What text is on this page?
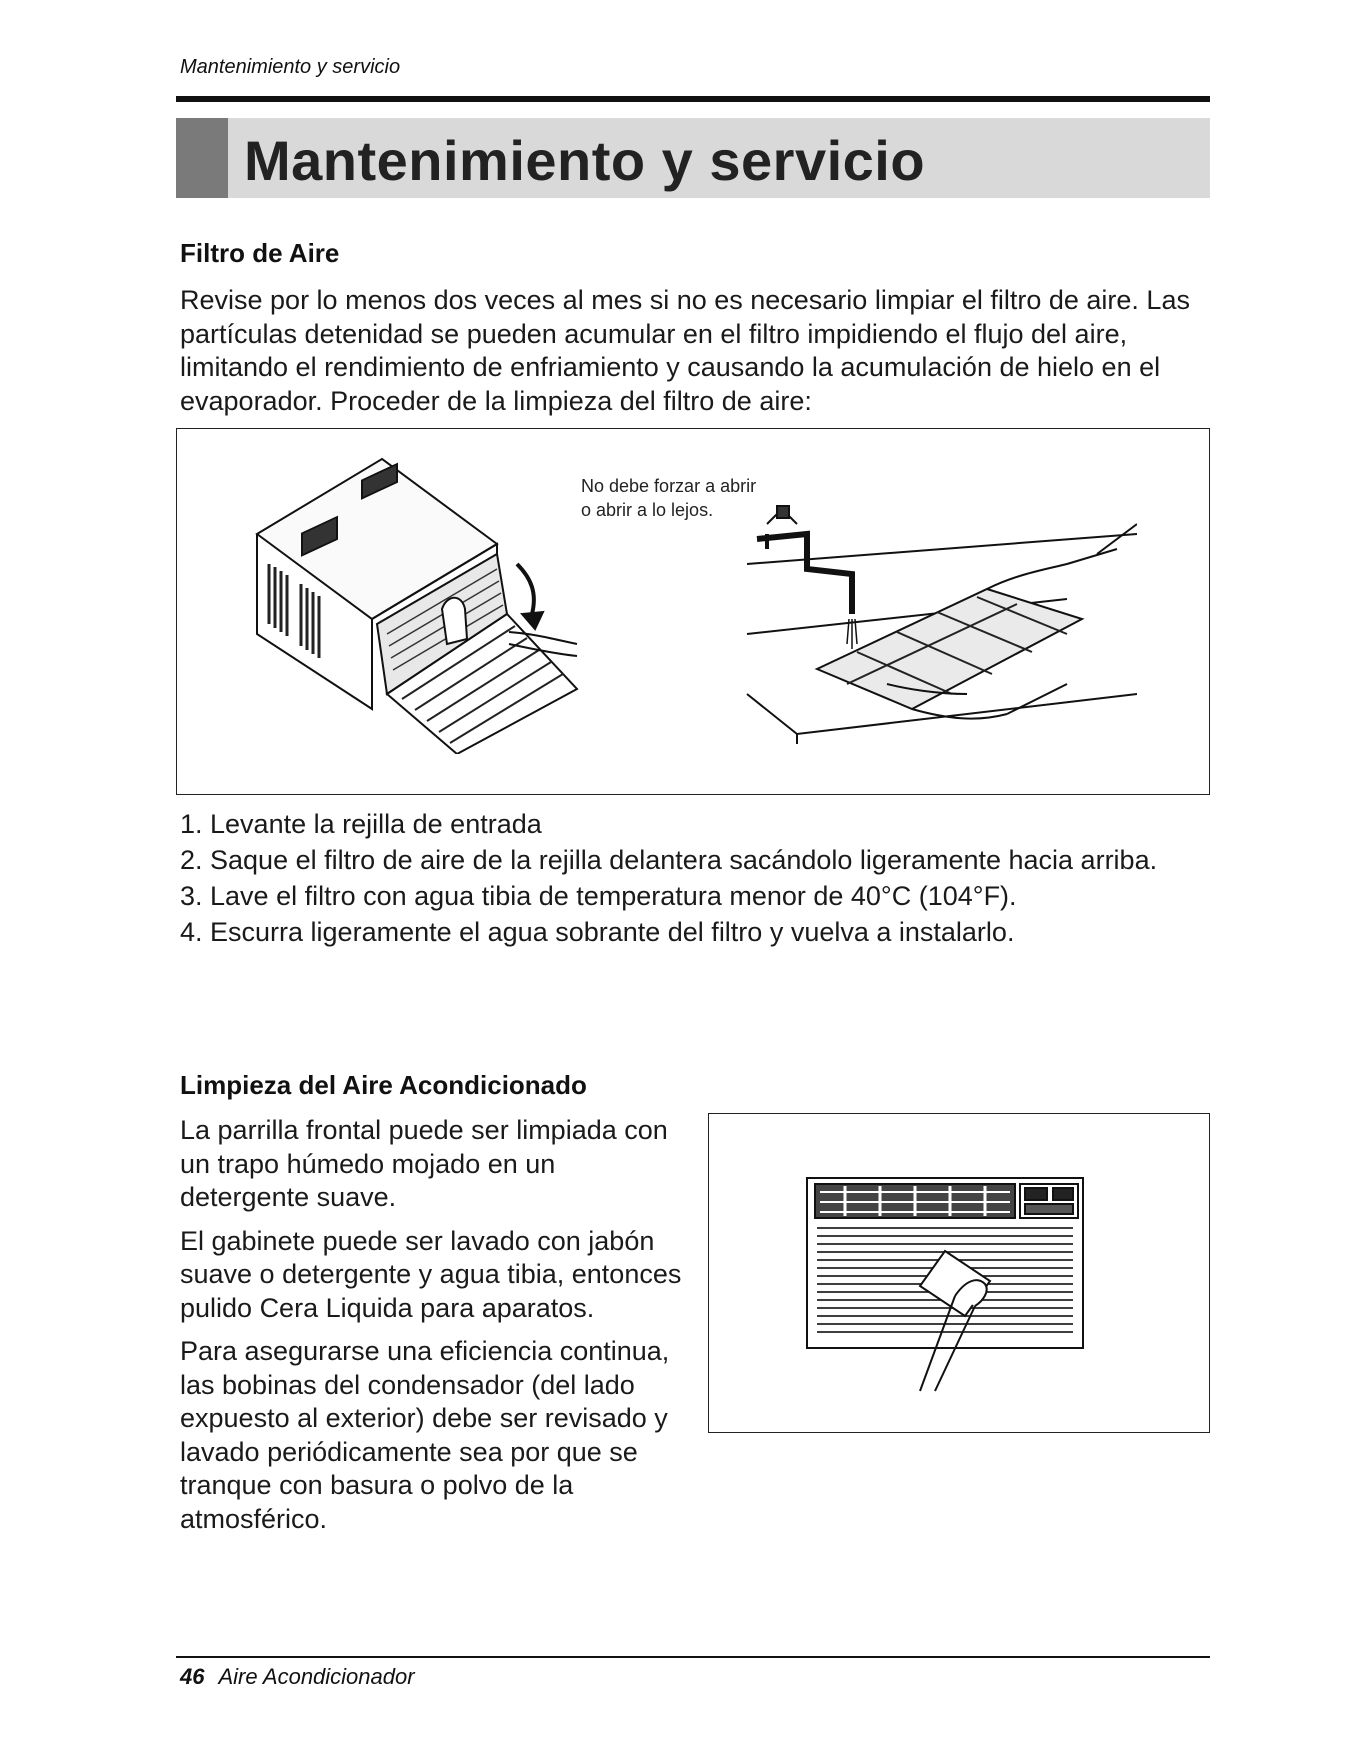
Mantenimiento y servicio
Mantenimiento y servicio
Filtro de Aire
Revise por lo menos dos veces al mes si no es necesario limpiar el filtro de aire. Las partículas detenidad se pueden acumular en el filtro impidiendo el flujo del aire, limitando el rendimiento de enfriamiento y causando la acumulación de hielo en el evaporador. Proceder de la limpieza del filtro de aire:
No debe forzar a abrir
o abrir a lo lejos.
1. Levante la rejilla de entrada
2. Saque el filtro de aire de la rejilla delantera sacándolo ligeramente hacia arriba.
3. Lave el filtro con agua tibia de temperatura menor de 40°C (104°F).
4. Escurra ligeramente el agua sobrante del filtro y vuelva a instalarlo.
Limpieza del Aire Acondicionado

La parrilla frontal puede ser limpiada con un trapo húmedo mojado en un detergente suave.

El gabinete puede ser lavado con jabón suave o detergente y agua tibia, entonces pulido Cera Liquida para aparatos.

Para asegurarse una eficiencia continua, las bobinas del condensador (del lado expuesto al exterior) debe ser revisado y lavado periódicamente sea por que se tranque con basura o polvo de la atmosférico.

46 Aire Acondicionador
